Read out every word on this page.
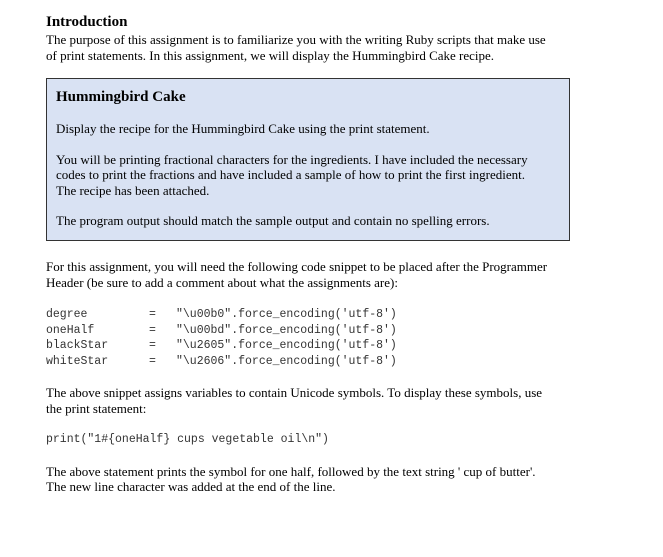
Introduction

The purpose of this assignment is to familiarize you with the writing Ruby scripts that make use
of print statements. In this assignment, we will display the Hummingbird Cake recipe.

Hummingbird Cake

Display the recipe for the Hummingbird Cake using the print statement.

You will be printing fractional characters for the ingredients. I have included the necessary
codes to print the fractions and have included a sample of how to print the first ingredient.
The recipe has been attached.

The program output should match the sample output and contain no spelling errors.

For this assignment, you will need the following code snippet to be placed after the Programmer
Header (be sure to add a comment about what the assignments are):

degree	=	"\u00b0".force_encoding('utf-8')
oneHalf	=	"\u00bd".force_encoding('utf-8')
blackStar	=	"\u2605".force_encoding('utf-8')
whiteStar	=	"\u2606".force_encoding('utf-8')

The above snippet assigns variables to contain Unicode symbols. To display these symbols, use
the print statement:

print("1#{oneHalf} cups vegetable oil\n")

The above statement prints the symbol for one half, followed by the text string ' cup of butter'.
The new line character was added at the end of the line.
